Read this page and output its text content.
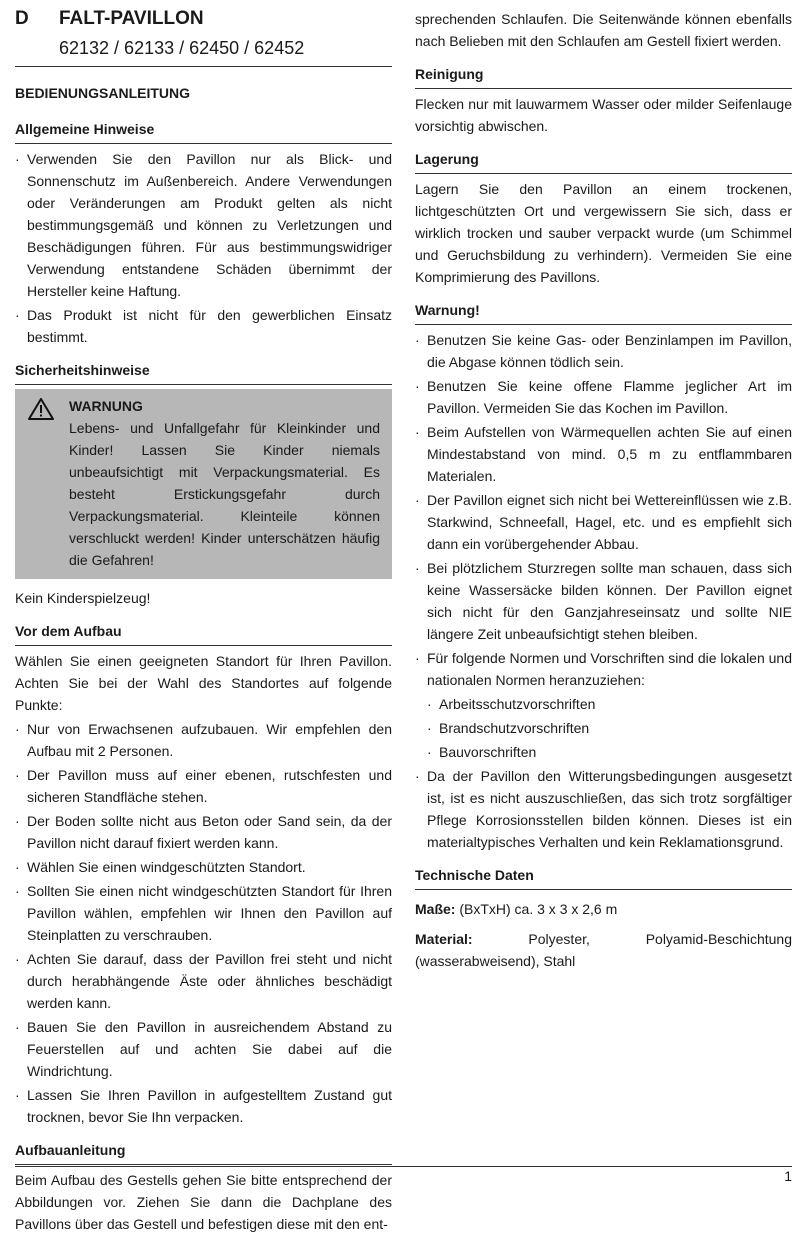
D	FALT-PAVILLON
62132 / 62133 / 62450 / 62452
BEDIENUNGSANLEITUNG
Allgemeine Hinweise
· Verwenden Sie den Pavillon nur als Blick- und Sonnenschutz im Außenbereich. Andere Verwendungen oder Veränderungen am Produkt gelten als nicht bestimmungsgemäß und können zu Verletzungen und Beschädigungen führen. Für aus bestimmungswidriger Verwendung entstandene Schäden übernimmt der Hersteller keine Haftung.
· Das Produkt ist nicht für den gewerblichen Einsatz bestimmt.
Sicherheitshinweise
WARNUNG

Lebens- und Unfallgefahr für Kleinkinder und Kinder! Lassen Sie Kinder niemals unbeaufsichtigt mit Verpackungsmaterial. Es besteht Erstickungsgefahr durch Verpackungsmaterial. Kleinteile können verschluckt werden! Kinder unterschätzen häufig die Gefahren!

Kein Kinderspielzeug!

Vor dem Aufbau

Wählen Sie einen geeigneten Standort für Ihren Pavillon. Achten Sie bei der Wahl des Standortes auf folgende Punkte:

· Nur von Erwachsenen aufzubauen. Wir empfehlen den Aufbau mit 2 Personen.
· Der Pavillon muss auf einer ebenen, rutschfesten und sicheren Standfläche stehen.
· Der Boden sollte nicht aus Beton oder Sand sein, da der Pavillon nicht darauf fixiert werden kann.
· Wählen Sie einen windgeschützten Standort.
· Sollten Sie einen nicht windgeschützten Standort für Ihren Pavillon wählen, empfehlen wir Ihnen den Pavillon auf Steinplatten zu verschrauben.
· Achten Sie darauf, dass der Pavillon frei steht und nicht durch herabhängende Äste oder ähnliches beschädigt werden kann.
· Bauen Sie den Pavillon in ausreichendem Abstand zu Feuerstellen auf und achten Sie dabei auf die Windrichtung.
· Lassen Sie Ihren Pavillon in aufgestelltem Zustand gut trocknen, bevor Sie Ihn verpacken.
Aufbauanleitung

Beim Aufbau des Gestells gehen Sie bitte entsprechend der Abbildungen vor. Ziehen Sie dann die Dachplane des Pavillons über das Gestell und befestigen diese mit den ent-

sprechenden Schlaufen. Die Seitenwände können ebenfalls nach Belieben mit den Schlaufen am Gestell fixiert werden.

Reinigung

Flecken nur mit lauwarmem Wasser oder milder Seifenlauge vorsichtig abwischen.

Lagerung

Lagern Sie den Pavillon an einem trockenen, lichtgeschützten Ort und vergewissern Sie sich, dass er wirklich trocken und sauber verpackt wurde (um Schimmel und Geruchsbildung zu verhindern). Vermeiden Sie eine Komprimierung des Pavillons.

Warnung!
· Benutzen Sie keine Gas- oder Benzinlampen im Pavillon, die Abgase können tödlich sein.
· Benutzen Sie keine offene Flamme jeglicher Art im Pavillon. Vermeiden Sie das Kochen im Pavillon.
· Beim Aufstellen von Wärmequellen achten Sie auf einen Mindestabstand von mind. 0,5 m zu entflammbaren Materialen.
· Der Pavillon eignet sich nicht bei Wettereinflüssen wie z.B. Starkwind, Schneefall, Hagel, etc. und es empfiehlt sich dann ein vorübergehender Abbau.
· Bei plötzlichem Sturzregen sollte man schauen, dass sich keine Wassersäcke bilden können. Der Pavillon eignet sich nicht für den Ganzjahreseinsatz und sollte NIE längere Zeit unbeaufsichtigt stehen bleiben.
· Für folgende Normen und Vorschriften sind die lokalen und nationalen Normen heranzuziehen:
· Arbeitsschutzvorschriften
· Brandschutzvorschriften
· Bauvorschriften
· Da der Pavillon den Witterungsbedingungen ausgesetzt ist, ist es nicht auszuschließen, das sich trotz sorgfältiger Pflege Korrosionsstellen bilden können. Dieses ist ein materialtypisches Verhalten und kein Reklamationsgrund.
Technische Daten

Maße: (BxTxH) ca. 3 x 3 x 2,6 m

Material:	Polyester, Polyamid-Beschichtung (wasserabweisend), Stahl

1
